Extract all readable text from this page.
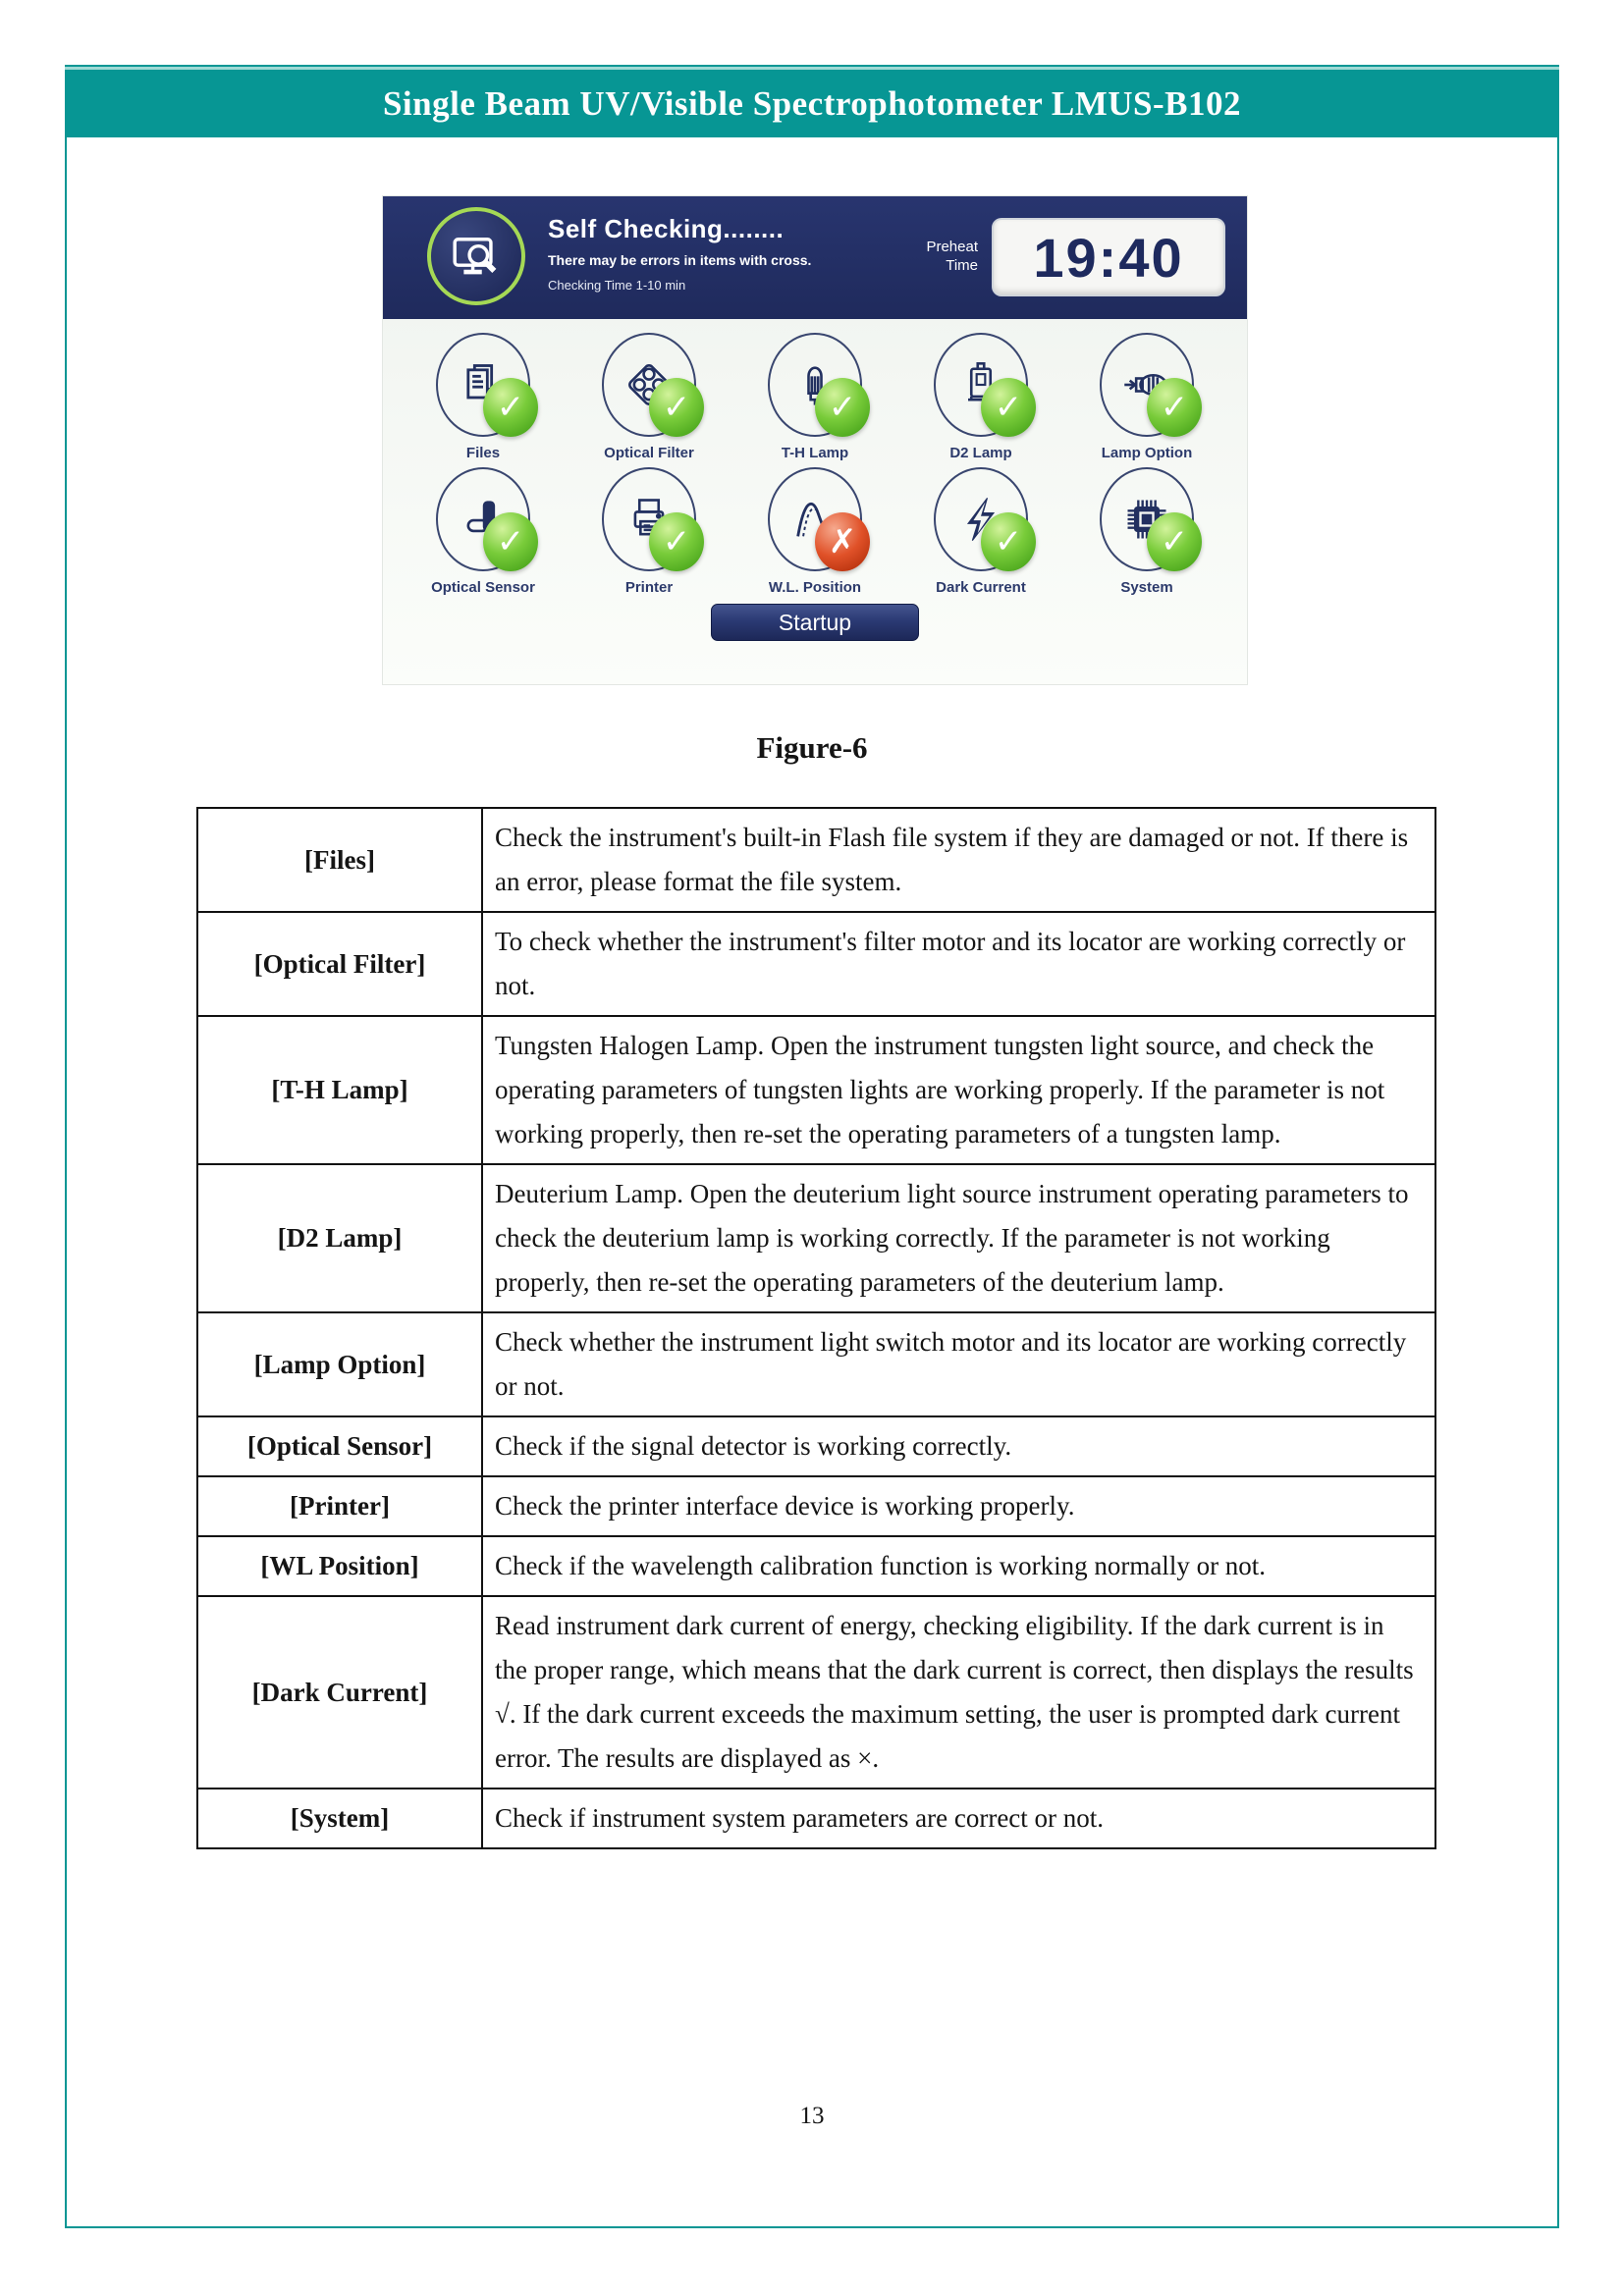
Single Beam UV/Visible Spectrophotometer LMUS-B102
Self Checking........
There may be errors in items with cross.
Checking Time 1-10 min
Preheat Time	19:40
✓
Files
✓
Optical Filter
✓
T-H Lamp
✓
D2 Lamp
✓
Lamp Option
✓
Optical Sensor
✓
Printer
✗
W.L. Position
✓
Dark Current
✓
System
Startup
Figure-6
[Files]	Check the instrument's built-in Flash file system if they are damaged or not. If there is an error, please format the file system.
[Optical Filter]	To check whether the instrument's filter motor and its locator are working correctly or not.
[T-H Lamp]	Tungsten Halogen Lamp. Open the instrument tungsten light source, and check the operating parameters of tungsten lights are working properly. If the parameter is not working properly, then re-set the operating parameters of a tungsten lamp.
[D2 Lamp]	Deuterium Lamp. Open the deuterium light source instrument operating parameters to check the deuterium lamp is working correctly. If the parameter is not working properly, then re-set the operating parameters of the deuterium lamp.
[Lamp Option]	Check whether the instrument light switch motor and its locator are working correctly or not.
[Optical Sensor]	Check if the signal detector is working correctly.
[Printer]	Check the printer interface device is working properly.
[WL Position]	Check if the wavelength calibration function is working normally or not.
[Dark Current]	Read instrument dark current of energy, checking eligibility. If the dark current is in the proper range, which means that the dark current is correct, then displays the results √. If the dark current exceeds the maximum setting, the user is prompted dark current error. The results are displayed as ×.
[System]	Check if instrument system parameters are correct or not.
13
